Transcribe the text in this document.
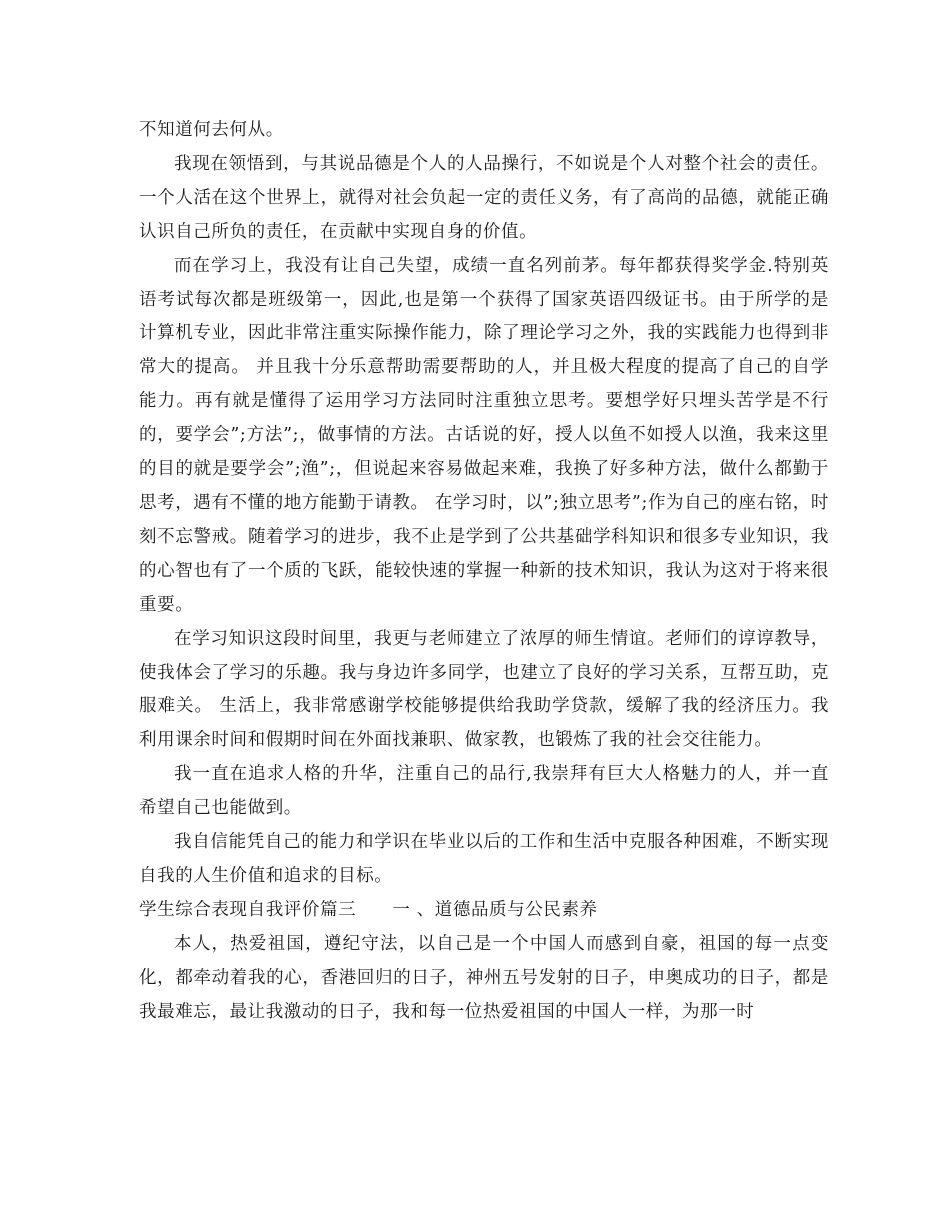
不知道何去何从。

我现在领悟到，与其说品德是个人的人品操行，不如说是个人对整个社会的责任。一个人活在这个世界上，就得对社会负起一定的责任义务，有了高尚的品德，就能正确认识自己所负的责任，在贡献中实现自身的价值。

而在学习上，我没有让自己失望，成绩一直名列前茅。每年都获得奖学金.特别英语考试每次都是班级第一，因此,也是第一个获得了国家英语四级证书。由于所学的是计算机专业，因此非常注重实际操作能力，除了理论学习之外，我的实践能力也得到非常大的提高。 并且我十分乐意帮助需要帮助的人，并且极大程度的提高了自己的自学能力。再有就是懂得了运用学习方法同时注重独立思考。要想学好只埋头苦学是不行的，要学会”;方法”;，做事情的方法。古话说的好，授人以鱼不如授人以渔，我来这里的目的就是要学会”;渔”;，但说起来容易做起来难，我换了好多种方法，做什么都勤于思考，遇有不懂的地方能勤于请教。 在学习时，以”;独立思考”;作为自己的座右铭，时刻不忘警戒。随着学习的进步，我不止是学到了公共基础学科知识和很多专业知识，我的心智也有了一个质的飞跃，能较快速的掌握一种新的技术知识，我认为这对于将来很重要。

在学习知识这段时间里，我更与老师建立了浓厚的师生情谊。老师们的谆谆教导，使我体会了学习的乐趣。我与身边许多同学，也建立了良好的学习关系，互帮互助，克服难关。 生活上，我非常感谢学校能够提供给我助学贷款，缓解了我的经济压力。我利用课余时间和假期时间在外面找兼职、做家教，也锻炼了我的社会交往能力。

我一直在追求人格的升华，注重自己的品行,我崇拜有巨大人格魅力的人，并一直希望自己也能做到。

我自信能凭自己的能力和学识在毕业以后的工作和生活中克服各种困难，不断实现自我的人生价值和追求的目标。

学生综合表现自我评价篇三　　一 、道德品质与公民素养

本人，热爱祖国，遵纪守法，以自己是一个中国人而感到自豪，祖国的每一点变化，都牵动着我的心，香港回归的日子，神州五号发射的日子，申奥成功的日子，都是我最难忘，最让我激动的日子，我和每一位热爱祖国的中国人一样，为那一时
